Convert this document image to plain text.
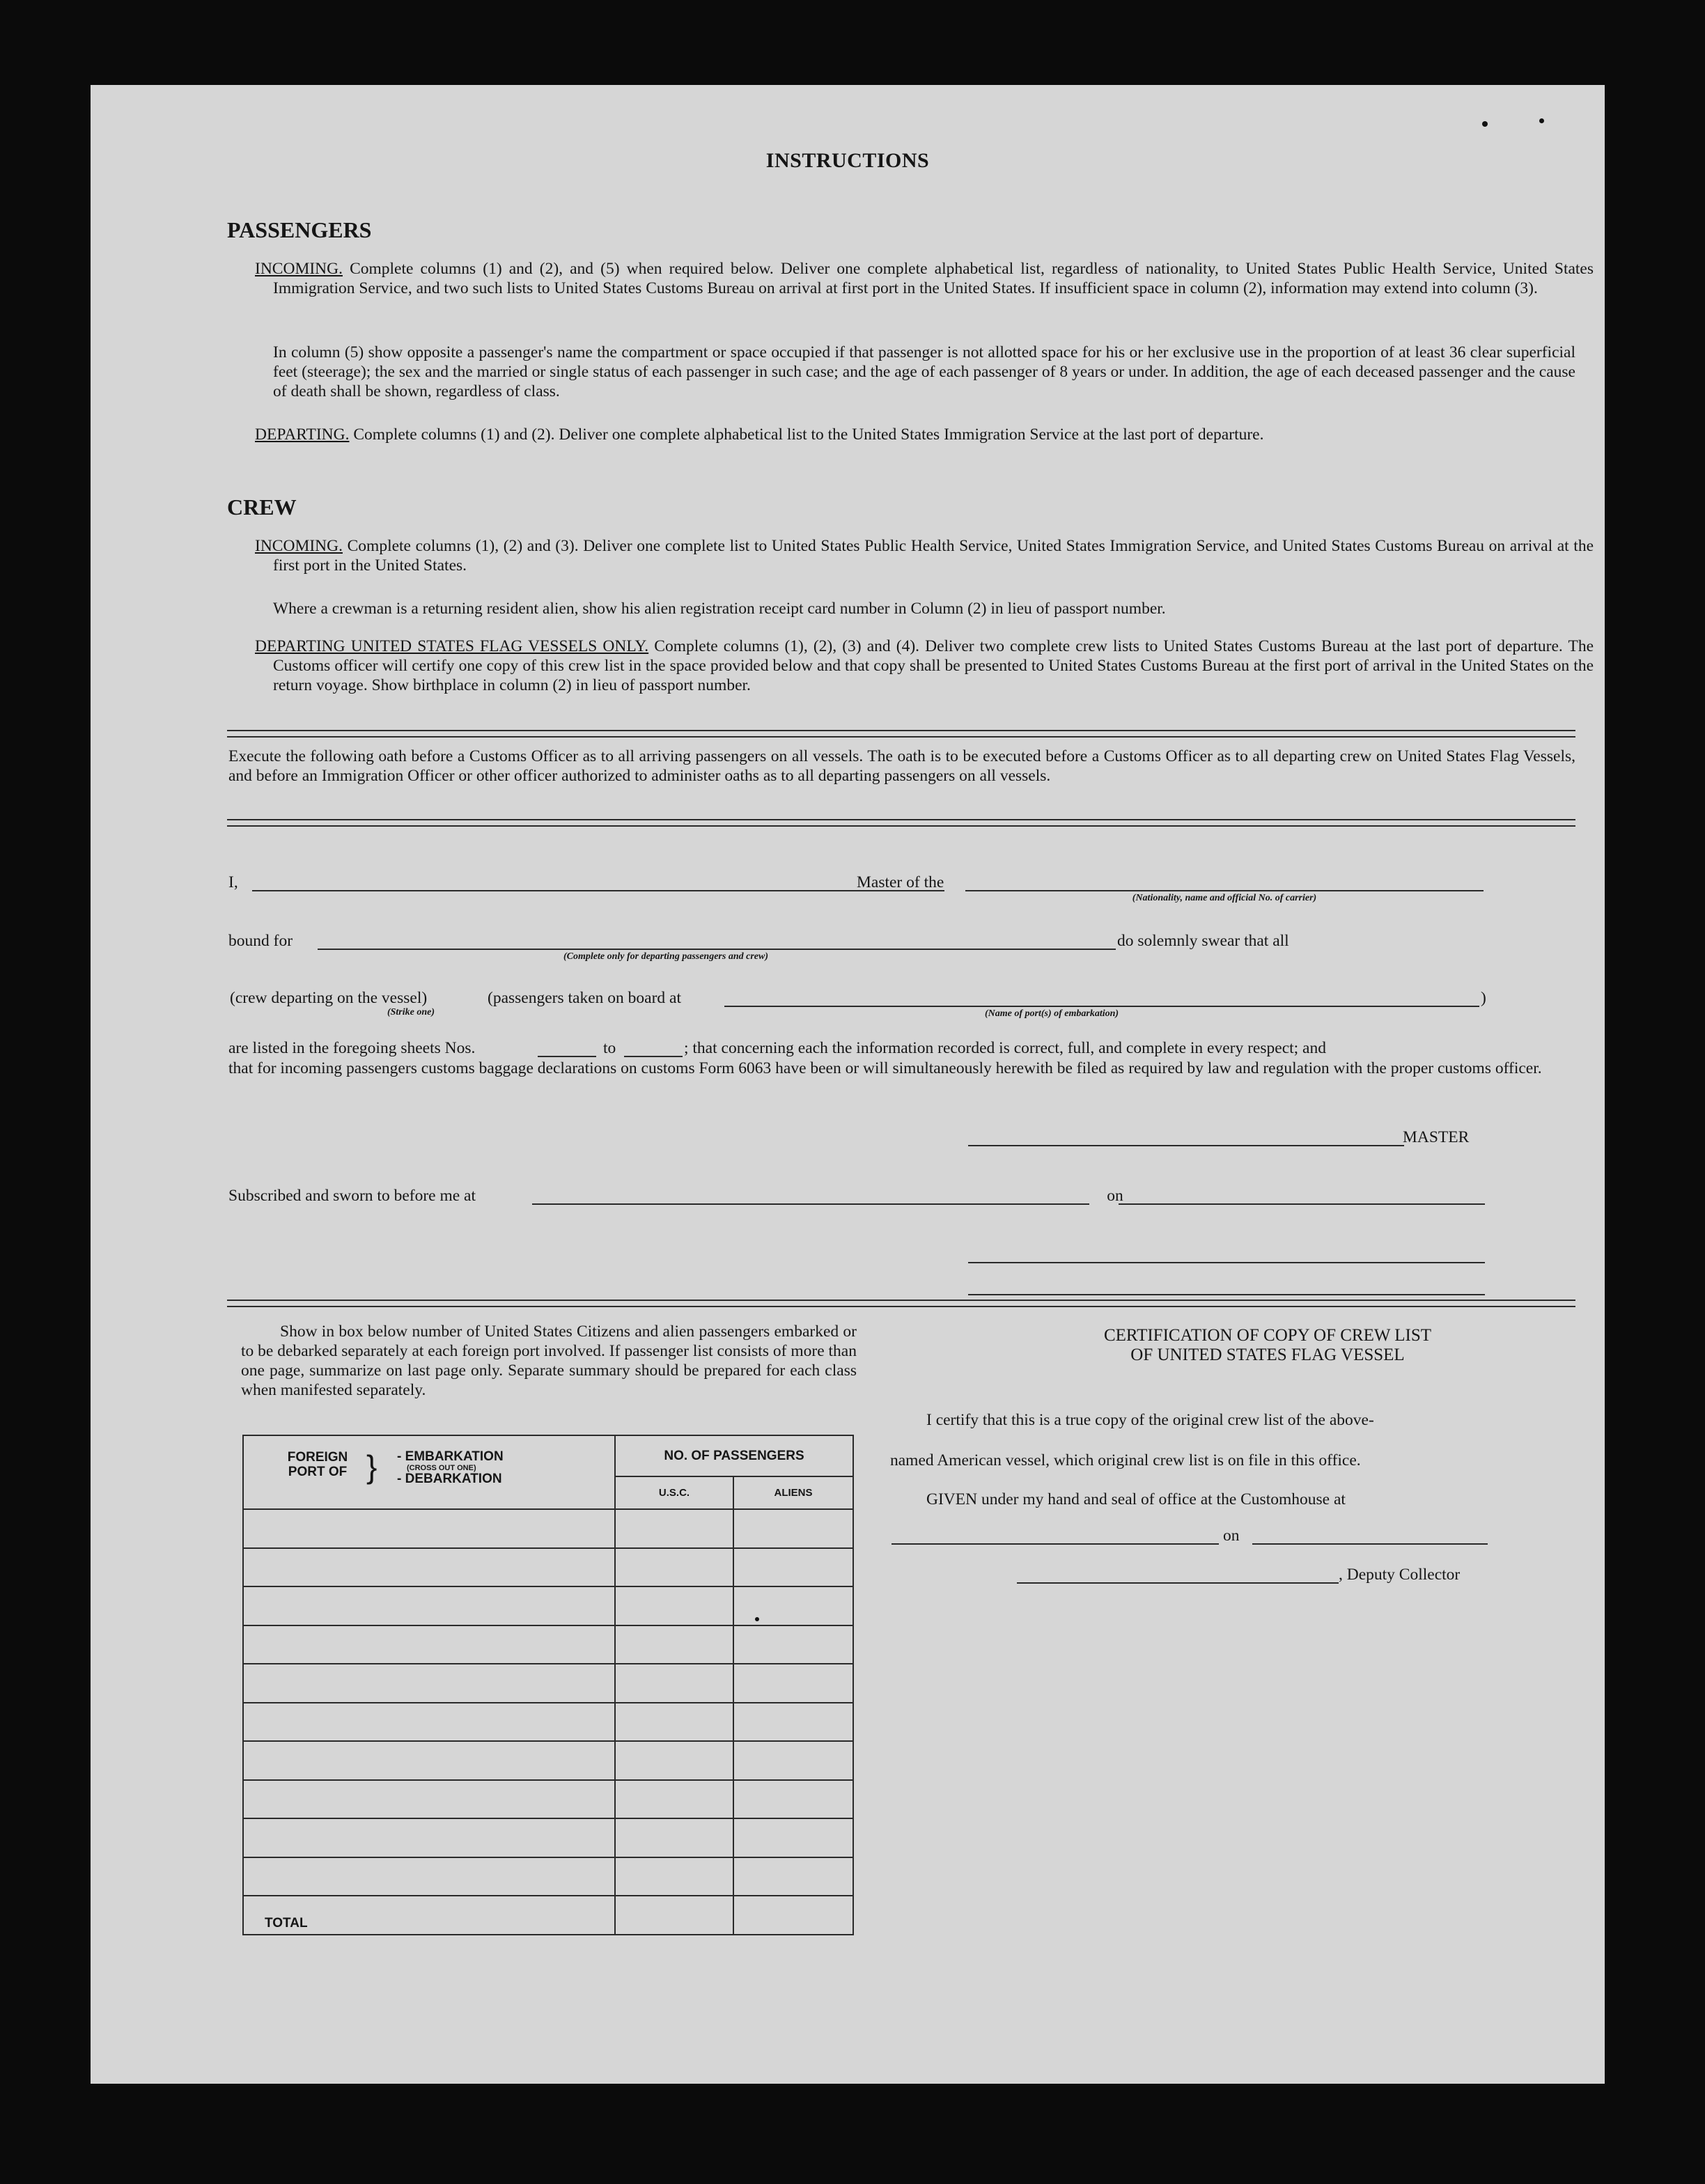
INSTRUCTIONS
PASSENGERS
INCOMING. Complete columns (1) and (2), and (5) when required below. Deliver one complete alphabetical list, regardless of nationality, to United States Public Health Service, United States Immigration Service, and two such lists to United States Customs Bureau on arrival at first port in the United States. If insufficient space in column (2), information may extend into column (3).
In column (5) show opposite a passenger's name the compartment or space occupied if that passenger is not allotted space for his or her exclusive use in the proportion of at least 36 clear superficial feet (steerage); the sex and the married or single status of each passenger in such case; and the age of each passenger of 8 years or under. In addition, the age of each deceased passenger and the cause of death shall be shown, regardless of class.
DEPARTING. Complete columns (1) and (2). Deliver one complete alphabetical list to the United States Immigration Service at the last port of departure.
CREW
INCOMING. Complete columns (1), (2) and (3). Deliver one complete list to United States Public Health Service, United States Immigration Service, and United States Customs Bureau on arrival at the first port in the United States.
Where a crewman is a returning resident alien, show his alien registration receipt card number in Column (2) in lieu of passport number.
DEPARTING UNITED STATES FLAG VESSELS ONLY. Complete columns (1), (2), (3) and (4). Deliver two complete crew lists to United States Customs Bureau at the last port of departure. The Customs officer will certify one copy of this crew list in the space provided below and that copy shall be presented to United States Customs Bureau at the first port of arrival in the United States on the return voyage. Show birthplace in column (2) in lieu of passport number.
Execute the following oath before a Customs Officer as to all arriving passengers on all vessels. The oath is to be executed before a Customs Officer as to all departing crew on United States Flag Vessels, and before an Immigration Officer or other officer authorized to administer oaths as to all departing passengers on all vessels.
I,	Master of the
(Nationality, name and official No. of carrier)
bound for
(Complete only for departing passengers and crew)
do solemnly swear that all
(crew departing on the vessel)
(Strike one)
(passengers taken on board at
(Name of port(s) of embarkation)
)
are listed in the foregoing sheets Nos.	to	; that concerning each the information recorded is correct, full, and complete in every respect; and
that for incoming passengers customs baggage declarations on customs Form 6063 have been or will simultaneously herewith be filed as required by law and regulation with the proper customs officer.
MASTER
Subscribed and sworn to before me at	on
Show in box below number of United States Citizens and alien passengers embarked or to be debarked separately at each foreign port involved. If passenger list consists of more than one page, summarize on last page only. Separate summary should be prepared for each class when manifested separately.
FOREIGN PORT OF } - EMBARKATION
(CROSS OUT ONE)
- DEBARKATION	NO. OF PASSENGERS	
	U.S.C.	ALIENS

TOTAL		
CERTIFICATION OF COPY OF CREW LIST
OF UNITED STATES FLAG VESSEL
I certify that this is a true copy of the original crew list of the above-
named American vessel, which original crew list is on file in this office.
GIVEN under my hand and seal of office at the Customhouse at
on
, Deputy Collector
